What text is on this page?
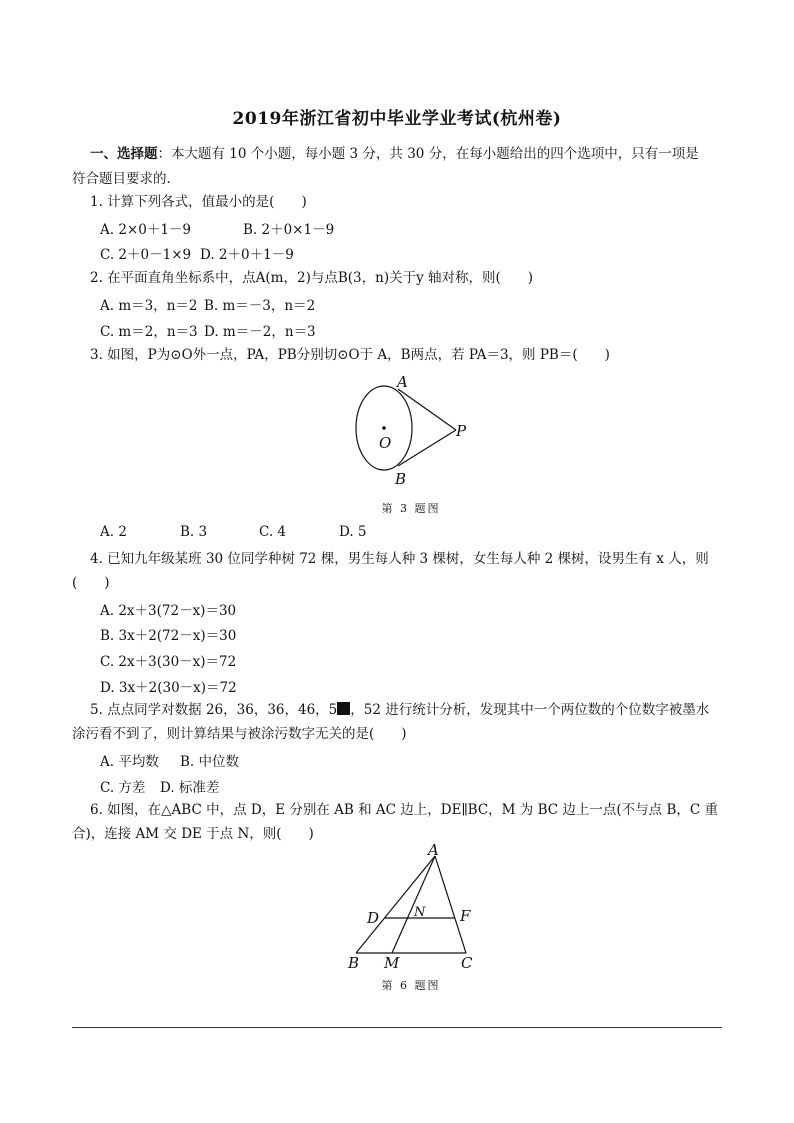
2019年浙江省初中毕业学业考试(杭州卷)
一、选择题：本大题有 10 个小题，每小题 3 分，共 30 分，在每小题给出的四个选项中，只有一项是
符合题目要求的.
1. 计算下列各式，值最小的是(　　)
A. 2×0＋1－9	B. 2＋0×1－9
C. 2＋0－1×9 D. 2＋0＋1－9
2. 在平面直角坐标系中，点A(m，2)与点B(3，n)关于y 轴对称，则(　　)
A. m＝3，n＝2 B. m＝－3，n＝2
C. m＝2，n＝3 D. m＝－2，n＝3
3. 如图，P为⊙O外一点，PA，PB分别切⊙O于 A，B两点，若 PA＝3，则 PB＝(　　)
A
B
O
P
第 3 题图
A. 2	B. 3	C. 4	D. 5
4. 已知九年级某班 30 位同学种树 72 棵，男生每人种 3 棵树，女生每人种 2 棵树，设男生有 x 人，则
(　　)
A. 2x＋3(72－x)＝30
B. 3x＋2(72－x)＝30
C. 2x＋3(30－x)＝72
D. 3x＋2(30－x)＝72
5. 点点同学对数据 26，36，36，46，5 ，52 进行统计分析，发现其中一个两位数的个位数字被墨水
涂污看不到了，则计算结果与被涂污数字无关的是(　　)
A. 平均数 B. 中位数
C. 方差 D. 标准差
6. 如图，在△ABC 中，点 D，E 分别在 AB 和 AC 边上，DE∥BC，M 为 BC 边上一点(不与点 B，C 重
合)，连接 AM 交 DE 于点 N，则(　　)
A
D	F
N
B M	C
第 6 题图
